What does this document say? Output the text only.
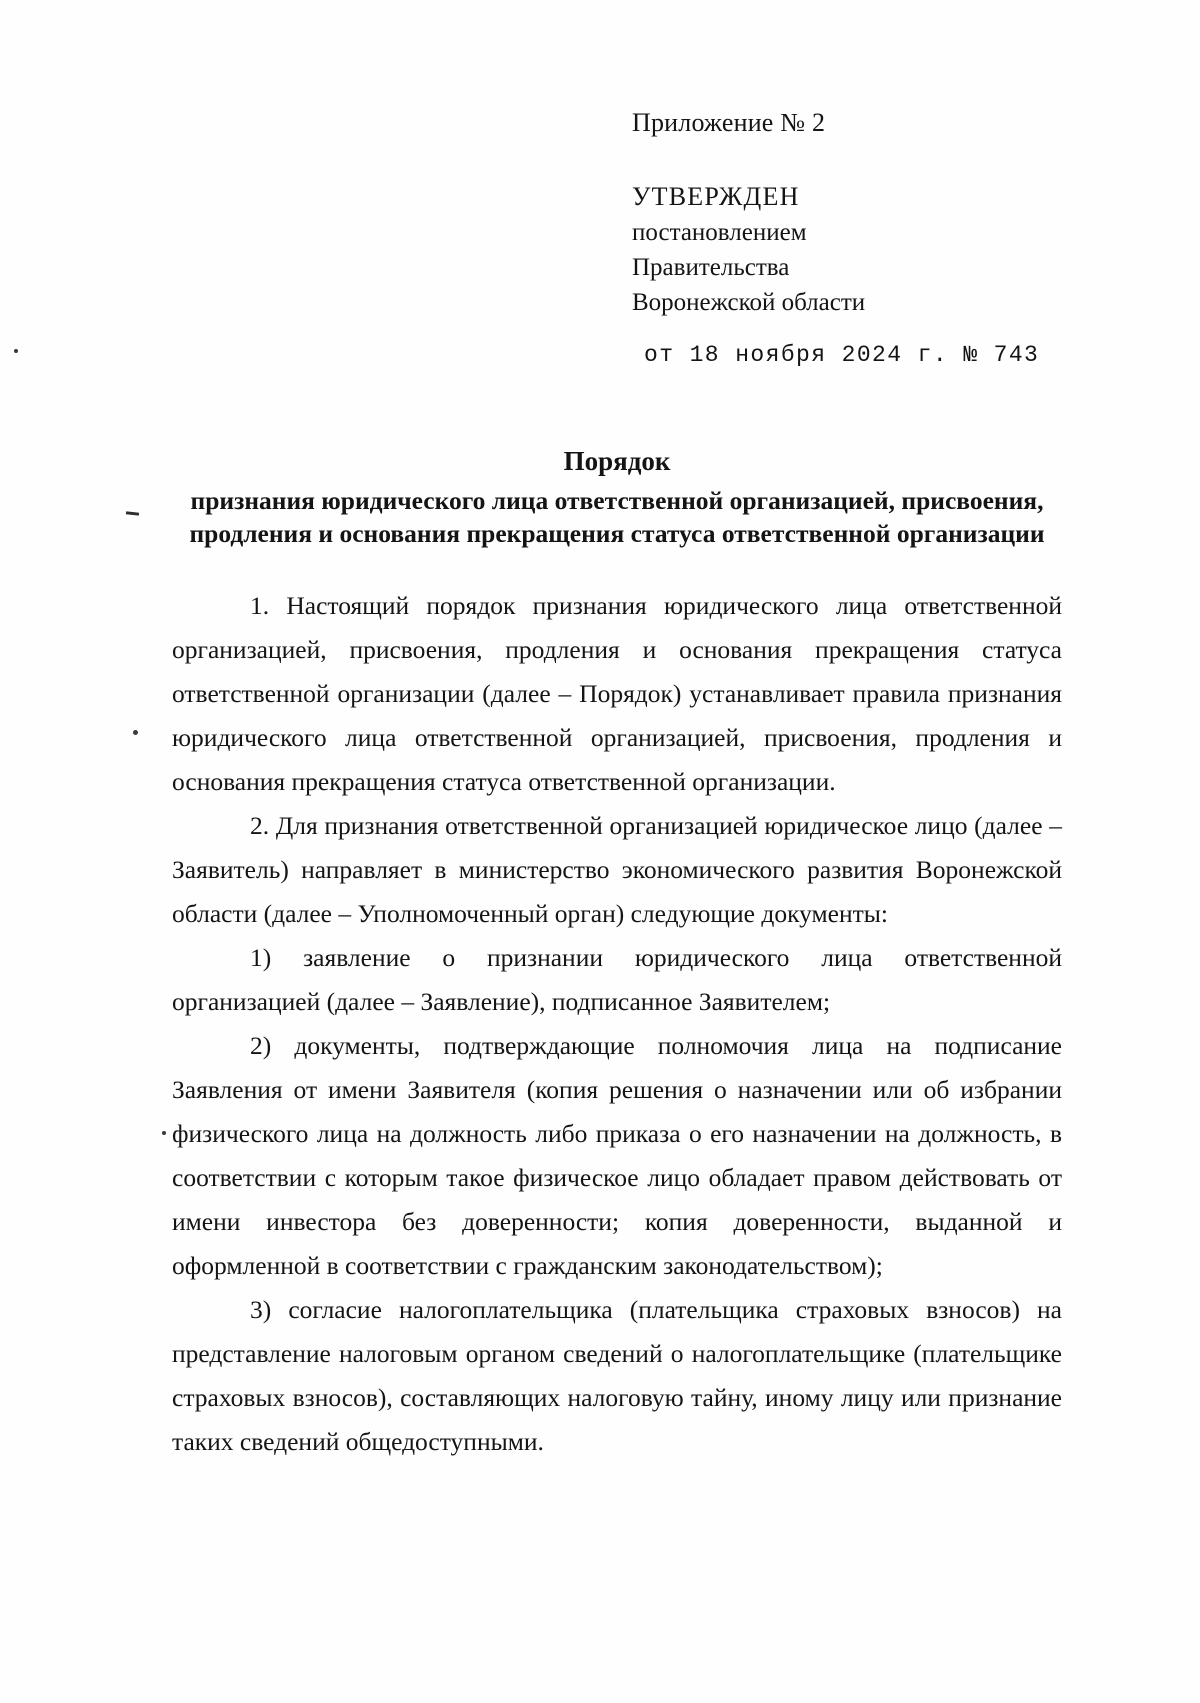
Приложение № 2
УТВЕРЖДЕН
постановлением
Правительства
Воронежской области
от 18 ноября 2024 г. № 743
Порядок
признания юридического лица ответственной организацией, присвоения, продления и основания прекращения статуса ответственной организации

1. Настоящий порядок признания юридического лица ответственной организацией, присвоения, продления и основания прекращения статуса ответственной организации (далее – Порядок) устанавливает правила признания юридического лица ответственной организацией, присвоения, продления и основания прекращения статуса ответственной организации.

2. Для признания ответственной организацией юридическое лицо (далее – Заявитель) направляет в министерство экономического развития Воронежской области (далее – Уполномоченный орган) следующие документы:

1) заявление о признании юридического лица ответственной организацией (далее – Заявление), подписанное Заявителем;

2) документы, подтверждающие полномочия лица на подписание Заявления от имени Заявителя (копия решения о назначении или об избрании физического лица на должность либо приказа о его назначении на должность, в соответствии с которым такое физическое лицо обладает правом действовать от имени инвестора без доверенности; копия доверенности, выданной и оформленной в соответствии с гражданским законодательством);

3) согласие налогоплательщика (плательщика страховых взносов) на представление налоговым органом сведений о налогоплательщике (плательщике страховых взносов), составляющих налоговую тайну, иному лицу или признание таких сведений общедоступными.
